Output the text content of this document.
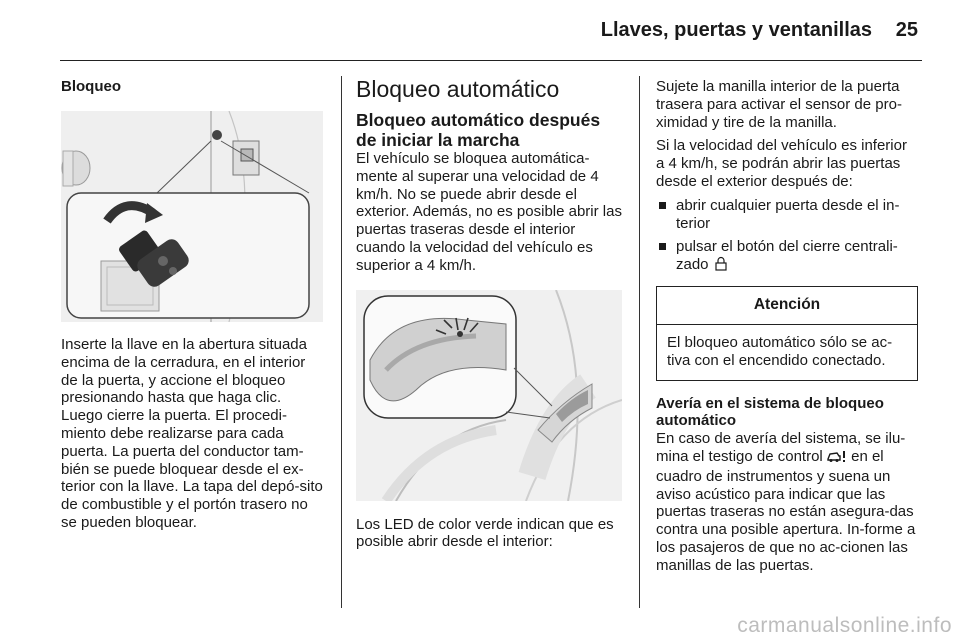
Llaves, puertas y ventanillas 25
Bloqueo
Inserte la llave en la abertura situada encima de la cerradura, en el interior de la puerta, y accione el bloqueo presionando hasta que haga clic. Luego cierre la puerta. El procedi-miento debe realizarse para cada puerta. La puerta del conductor tam-bién se puede bloquear desde el ex-terior con la llave. La tapa del depó-sito de combustible y el portón trasero no se pueden bloquear.
Bloqueo automático
Bloqueo automático después de iniciar la marcha
El vehículo se bloquea automática-mente al superar una velocidad de 4 km/h. No se puede abrir desde el exterior. Además, no es posible abrir las puertas traseras desde el interior cuando la velocidad del vehículo es superior a 4 km/h.
Los LED de color verde indican que es posible abrir desde el interior:
Sujete la manilla interior de la puerta trasera para activar el sensor de pro-ximidad y tire de la manilla.
Si la velocidad del vehículo es inferior a 4 km/h, se podrán abrir las puertas desde el exterior después de:
abrir cualquier puerta desde el in-terior
pulsar el botón del cierre centrali-zado
Atención
El bloqueo automático sólo se ac-tiva con el encendido conectado.
Avería en el sistema de bloqueo automático
En caso de avería del sistema, se ilu-mina el testigo de control en el cuadro de instrumentos y suena un aviso acústico para indicar que las puertas traseras no están asegura-das contra una posible apertura. In-forme a los pasajeros de que no ac-cionen las manillas de las puertas.
carmanualsonline.info
